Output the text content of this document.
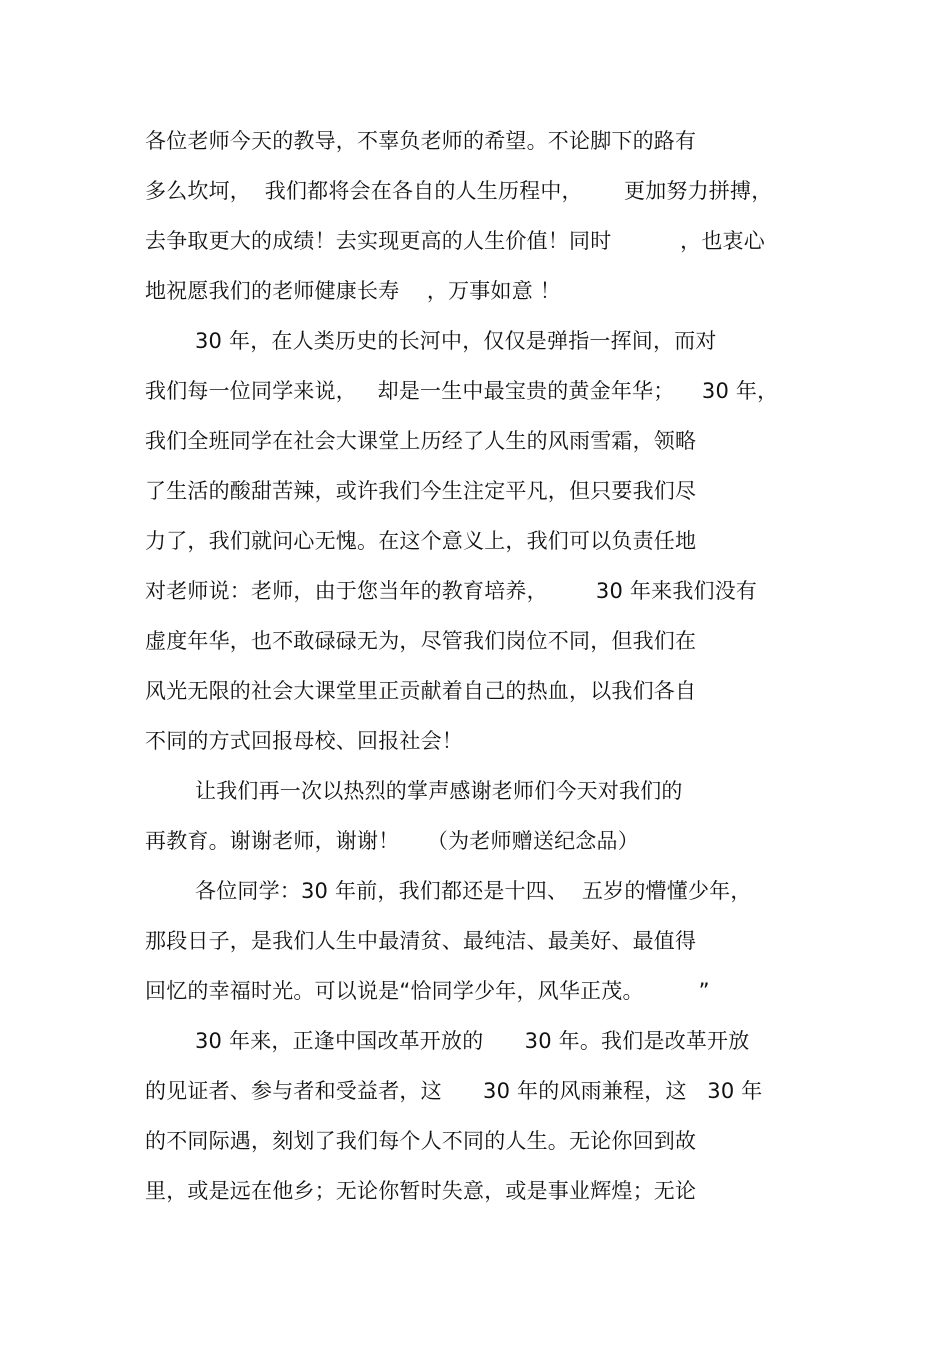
各位老师今天的教导，不辜负老师的希望。不论脚下的路有
多么坎坷，  我们都将会在各自的人生历程中，      更加努力拼搏，
去争取更大的成绩！去实现更高的人生价值！同时          ，也衷心
地祝愿我们的老师健康长寿    ，万事如意 ！
30 年，在人类历史的长河中，仅仅是弹指一挥间，而对
我们每一位同学来说，   却是一生中最宝贵的黄金年华；    30 年，
我们全班同学在社会大课堂上历经了人生的风雨雪霜，领略
了生活的酸甜苦辣，或许我们今生注定平凡，但只要我们尽
力了，我们就问心无愧。在这个意义上，我们可以负责任地
对老师说：老师，由于您当年的教育培养，       30 年来我们没有
虚度年华，也不敢碌碌无为，尽管我们岗位不同，但我们在
风光无限的社会大课堂里正贡献着自己的热血，以我们各自
不同的方式回报母校、回报社会！
让我们再一次以热烈的掌声感谢老师们今天对我们的
再教育。谢谢老师，谢谢！    （为老师赠送纪念品）
各位同学：30 年前，我们都还是十四、  五岁的懵懂少年，
那段日子，是我们人生中最清贫、最纯洁、最美好、最值得
回忆的幸福时光。可以说是“恰同学少年，风华正茂。        ”
30 年来，正逢中国改革开放的      30 年。我们是改革开放
的见证者、参与者和受益者，这      30 年的风雨兼程，这   30 年
的不同际遇，刻划了我们每个人不同的人生。无论你回到故
里，或是远在他乡；无论你暂时失意，或是事业辉煌；无论
